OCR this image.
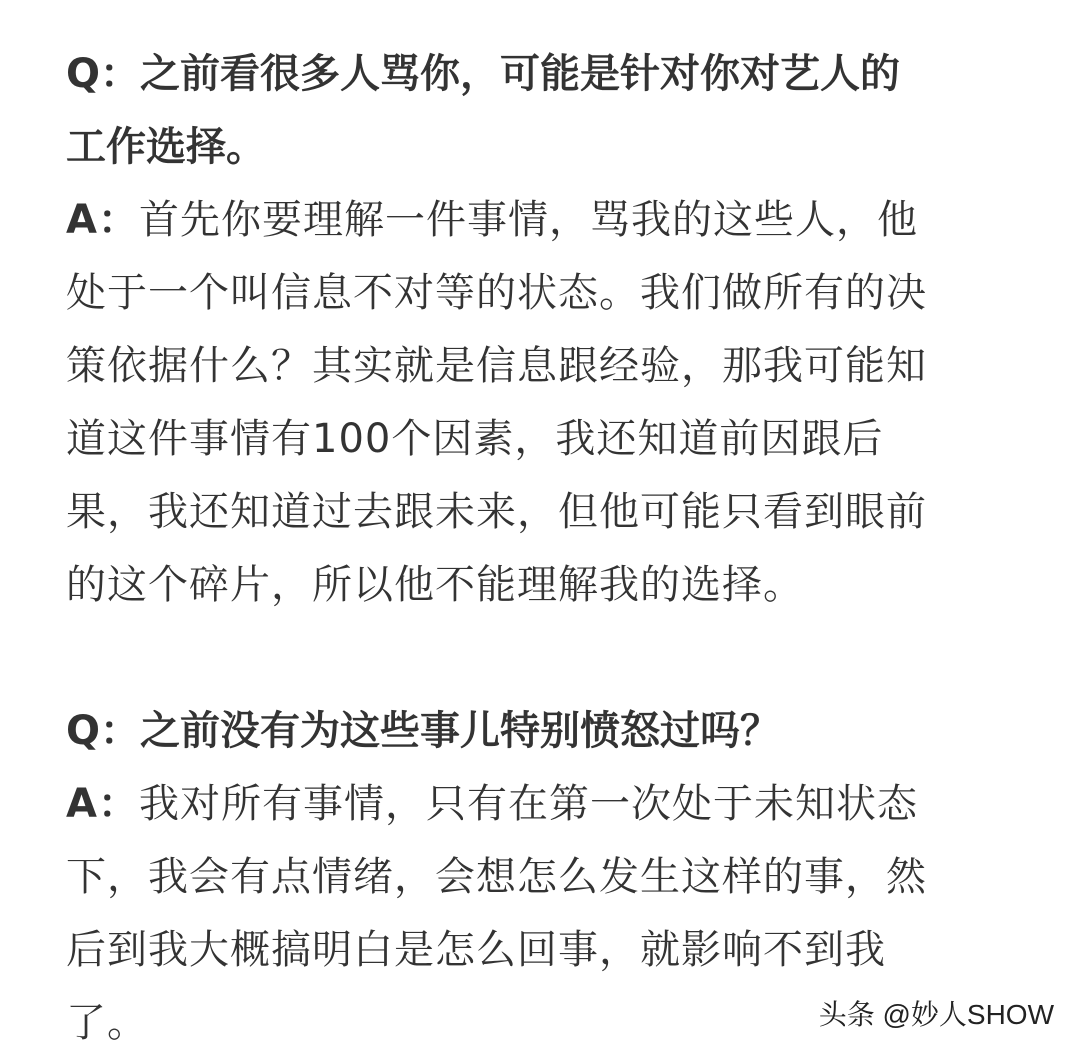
Q：之前看很多人骂你，可能是针对你对艺人的

工作选择。

A：首先你要理解一件事情，骂我的这些人，他

处于一个叫信息不对等的状态。我们做所有的决

策依据什么？其实就是信息跟经验，那我可能知

道这件事情有100个因素，我还知道前因跟后

果，我还知道过去跟未来，但他可能只看到眼前

的这个碎片，所以他不能理解我的选择。

Q：之前没有为这些事儿特别愤怒过吗？

A：我对所有事情，只有在第一次处于未知状态

下，我会有点情绪，会想怎么发生这样的事，然

后到我大概搞明白是怎么回事，就影响不到我

了。	头条 @妙人SHOW
